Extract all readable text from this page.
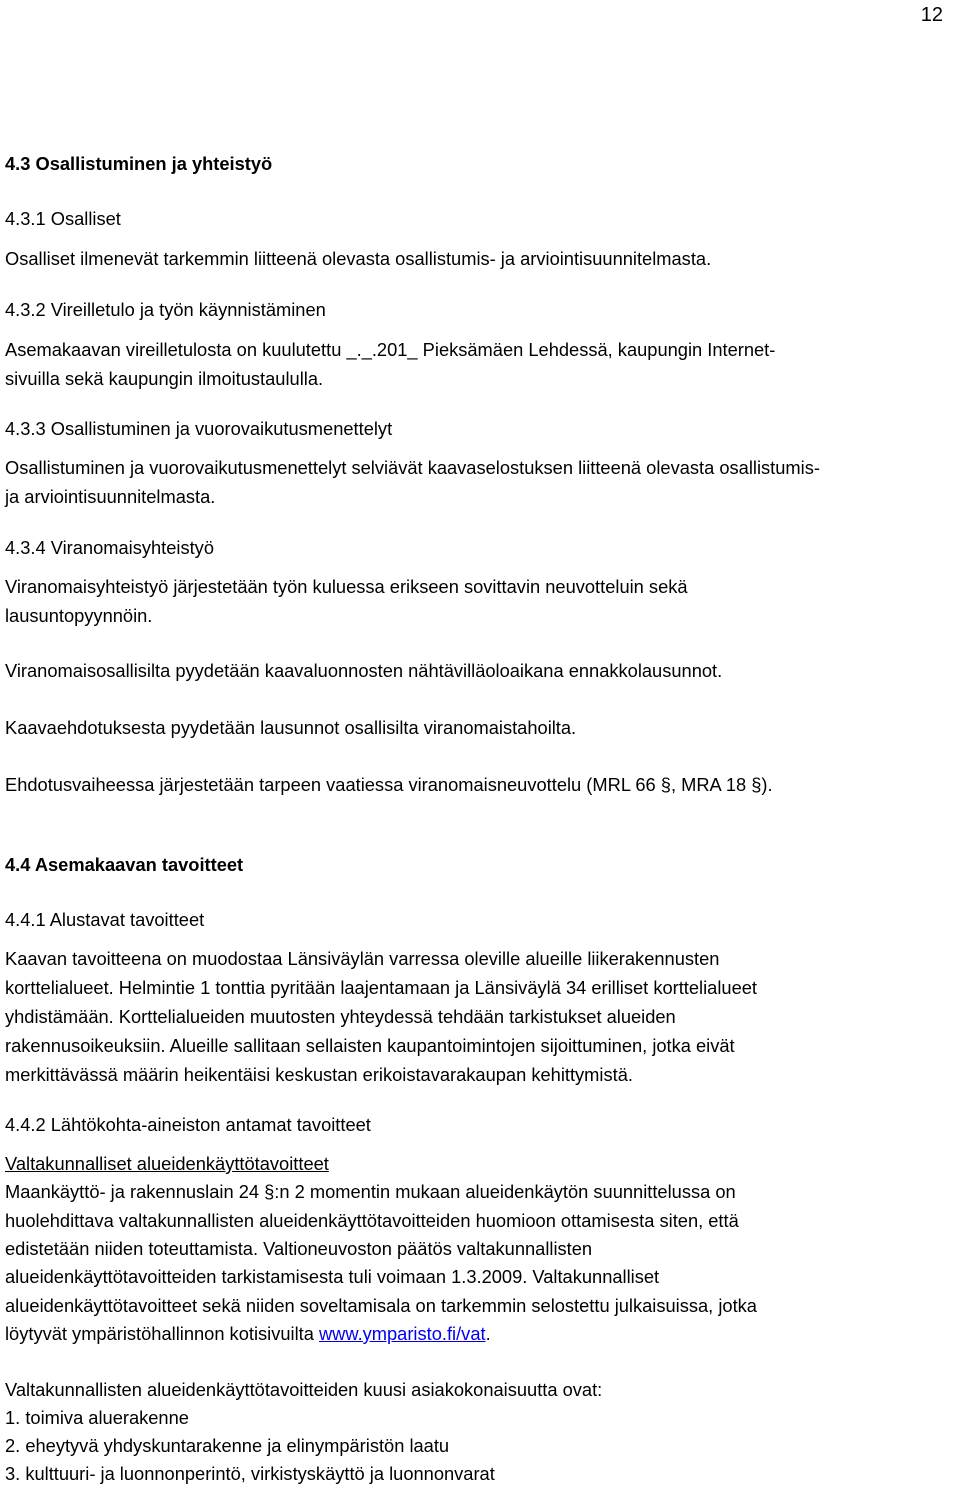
12

4.3 Osallistuminen ja yhteistyö

4.3.1 Osalliset

Osalliset ilmenevät tarkemmin liitteenä olevasta osallistumis- ja arviointisuunnitelmasta.

4.3.2 Vireilletulo ja työn käynnistäminen

Asemakaavan vireilletulosta on kuulutettu _._.201_ Pieksämäen Lehdessä, kaupungin Internet-

sivuilla sekä kaupungin ilmoitustaululla.

4.3.3 Osallistuminen ja vuorovaikutusmenettelyt

Osallistuminen ja vuorovaikutusmenettelyt selviävät kaavaselostuksen liitteenä olevasta osallistumis-

ja arviointisuunnitelmasta.

4.3.4 Viranomaisyhteistyö

Viranomaisyhteistyö järjestetään työn kuluessa erikseen sovittavin neuvotteluin sekä

lausuntopyynnöin.

Viranomaisosallisilta pyydetään kaavaluonnosten nähtävilläoloaikana ennakkolausunnot.

Kaavaehdotuksesta pyydetään lausunnot osallisilta viranomaistahoilta.

Ehdotusvaiheessa järjestetään tarpeen vaatiessa viranomaisneuvottelu (MRL 66 §, MRA 18 §).

4.4 Asemakaavan tavoitteet

4.4.1 Alustavat tavoitteet

Kaavan tavoitteena on muodostaa Länsiväylän varressa oleville alueille liikerakennusten

korttelialueet. Helmintie 1 tonttia pyritään laajentamaan ja Länsiväylä 34 erilliset korttelialueet

yhdistämään. Korttelialueiden muutosten yhteydessä tehdään tarkistukset alueiden

rakennusoikeuksiin. Alueille sallitaan sellaisten kaupantoimintojen sijoittuminen, jotka eivät

merkittävässä määrin heikentäisi keskustan erikoistavarakaupan kehittymistä.

4.4.2 Lähtökohta-aineiston antamat tavoitteet

Valtakunnalliset alueidenkäyttötavoitteet

Maankäyttö- ja rakennuslain 24 §:n 2 momentin mukaan alueidenkäytön suunnittelussa on

huolehdittava valtakunnallisten alueidenkäyttötavoitteiden huomioon ottamisesta siten, että

edistetään niiden toteuttamista. Valtioneuvoston päätös valtakunnallisten

alueidenkäyttötavoitteiden tarkistamisesta tuli voimaan 1.3.2009. Valtakunnalliset

alueidenkäyttötavoitteet sekä niiden soveltamisala on tarkemmin selostettu julkaisuissa, jotka

löytyvät ympäristöhallinnon kotisivuilta www.ymparisto.fi/vat.

Valtakunnallisten alueidenkäyttötavoitteiden kuusi asiakokonaisuutta ovat:

1. toimiva aluerakenne

2. eheytyvä yhdyskuntarakenne ja elinympäristön laatu

3. kulttuuri- ja luonnonperintö, virkistyskäyttö ja luonnonvarat
